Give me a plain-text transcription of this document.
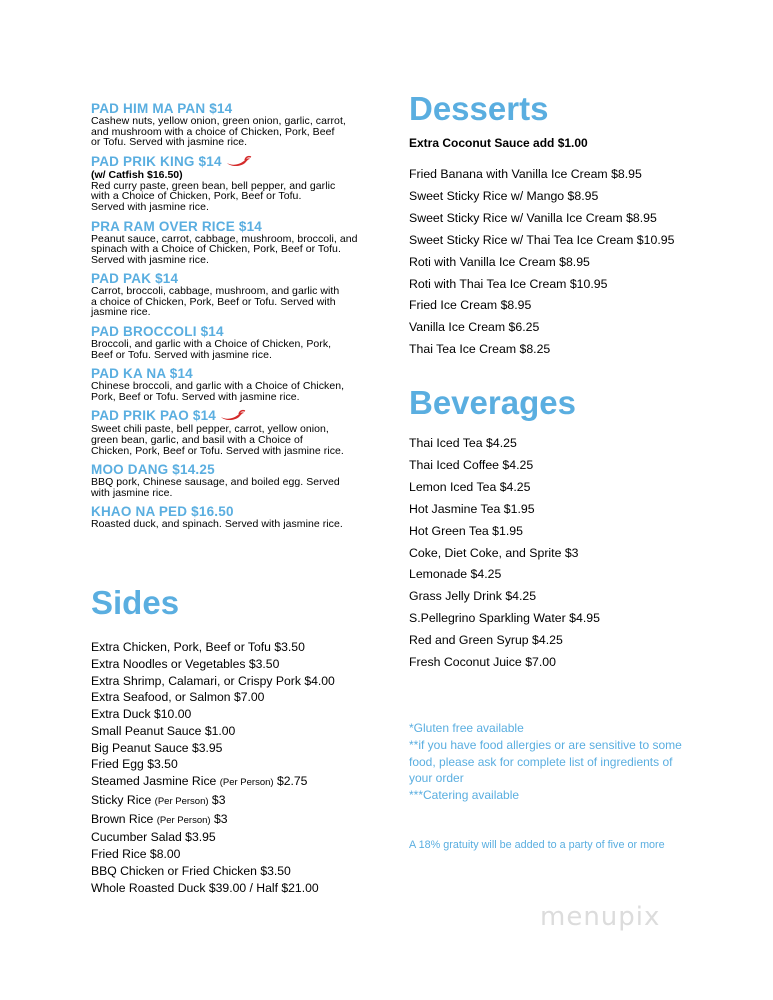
PAD HIM MA PAN $14
Cashew nuts, yellow onion, green onion, garlic, carrot,
and mushroom with a choice of Chicken, Pork, Beef
or Tofu. Served with jasmine rice.
PAD PRIK KING $14
(w/ Catfish $16.50)
Red curry paste, green bean, bell pepper, and garlic
with a Choice of Chicken, Pork, Beef or Tofu.
Served with jasmine rice.
PRA RAM OVER RICE $14
Peanut sauce, carrot, cabbage, mushroom, broccoli, and
spinach with a Choice of Chicken, Pork, Beef or Tofu.
Served with jasmine rice.
PAD PAK $14
Carrot, broccoli, cabbage, mushroom, and garlic with
a choice of Chicken, Pork, Beef or Tofu. Served with
jasmine rice.
PAD BROCCOLI $14
Broccoli, and garlic with a Choice of Chicken, Pork,
Beef or Tofu. Served with jasmine rice.
PAD KA NA $14
Chinese broccoli, and garlic with a Choice of Chicken,
Pork, Beef or Tofu. Served with jasmine rice.
PAD PRIK PAO $14
Sweet chili paste, bell pepper, carrot, yellow onion,
green bean, garlic, and basil with a Choice of
Chicken, Pork, Beef or Tofu. Served with jasmine rice.
MOO DANG $14.25
BBQ pork, Chinese sausage, and boiled egg. Served
with jasmine rice.
KHAO NA PED $16.50
Roasted duck, and spinach. Served with jasmine rice.
Sides
Extra Chicken, Pork, Beef or Tofu $3.50
Extra Noodles or Vegetables $3.50
Extra Shrimp, Calamari, or Crispy Pork $4.00
Extra Seafood, or Salmon $7.00
Extra Duck $10.00
Small Peanut Sauce $1.00
Big Peanut Sauce $3.95
Fried Egg $3.50
Steamed Jasmine Rice (Per Person) $2.75
Sticky Rice (Per Person) $3
Brown Rice (Per Person) $3
Cucumber Salad $3.95
Fried Rice $8.00
BBQ Chicken or Fried Chicken $3.50
Whole Roasted Duck $39.00 / Half $21.00
Desserts
Extra Coconut Sauce add $1.00
Fried Banana with Vanilla Ice Cream $8.95
Sweet Sticky Rice w/ Mango $8.95
Sweet Sticky Rice w/ Vanilla Ice Cream $8.95
Sweet Sticky Rice w/ Thai Tea Ice Cream $10.95
Roti with Vanilla Ice Cream $8.95
Roti with Thai Tea Ice Cream $10.95
Fried Ice Cream $8.95
Vanilla Ice Cream $6.25
Thai Tea Ice Cream $8.25
Beverages
Thai Iced Tea $4.25
Thai Iced Coffee $4.25
Lemon Iced Tea $4.25
Hot Jasmine Tea $1.95
Hot Green Tea $1.95
Coke, Diet Coke, and Sprite $3
Lemonade $4.25
Grass Jelly Drink $4.25
S.Pellegrino Sparkling Water $4.95
Red and Green Syrup $4.25
Fresh Coconut Juice $7.00
*Gluten free available
**if you have food allergies or are sensitive to some food, please ask for complete list of ingredients of your order
***Catering available
A 18% gratuity will be added to a party of five or more
menupix
